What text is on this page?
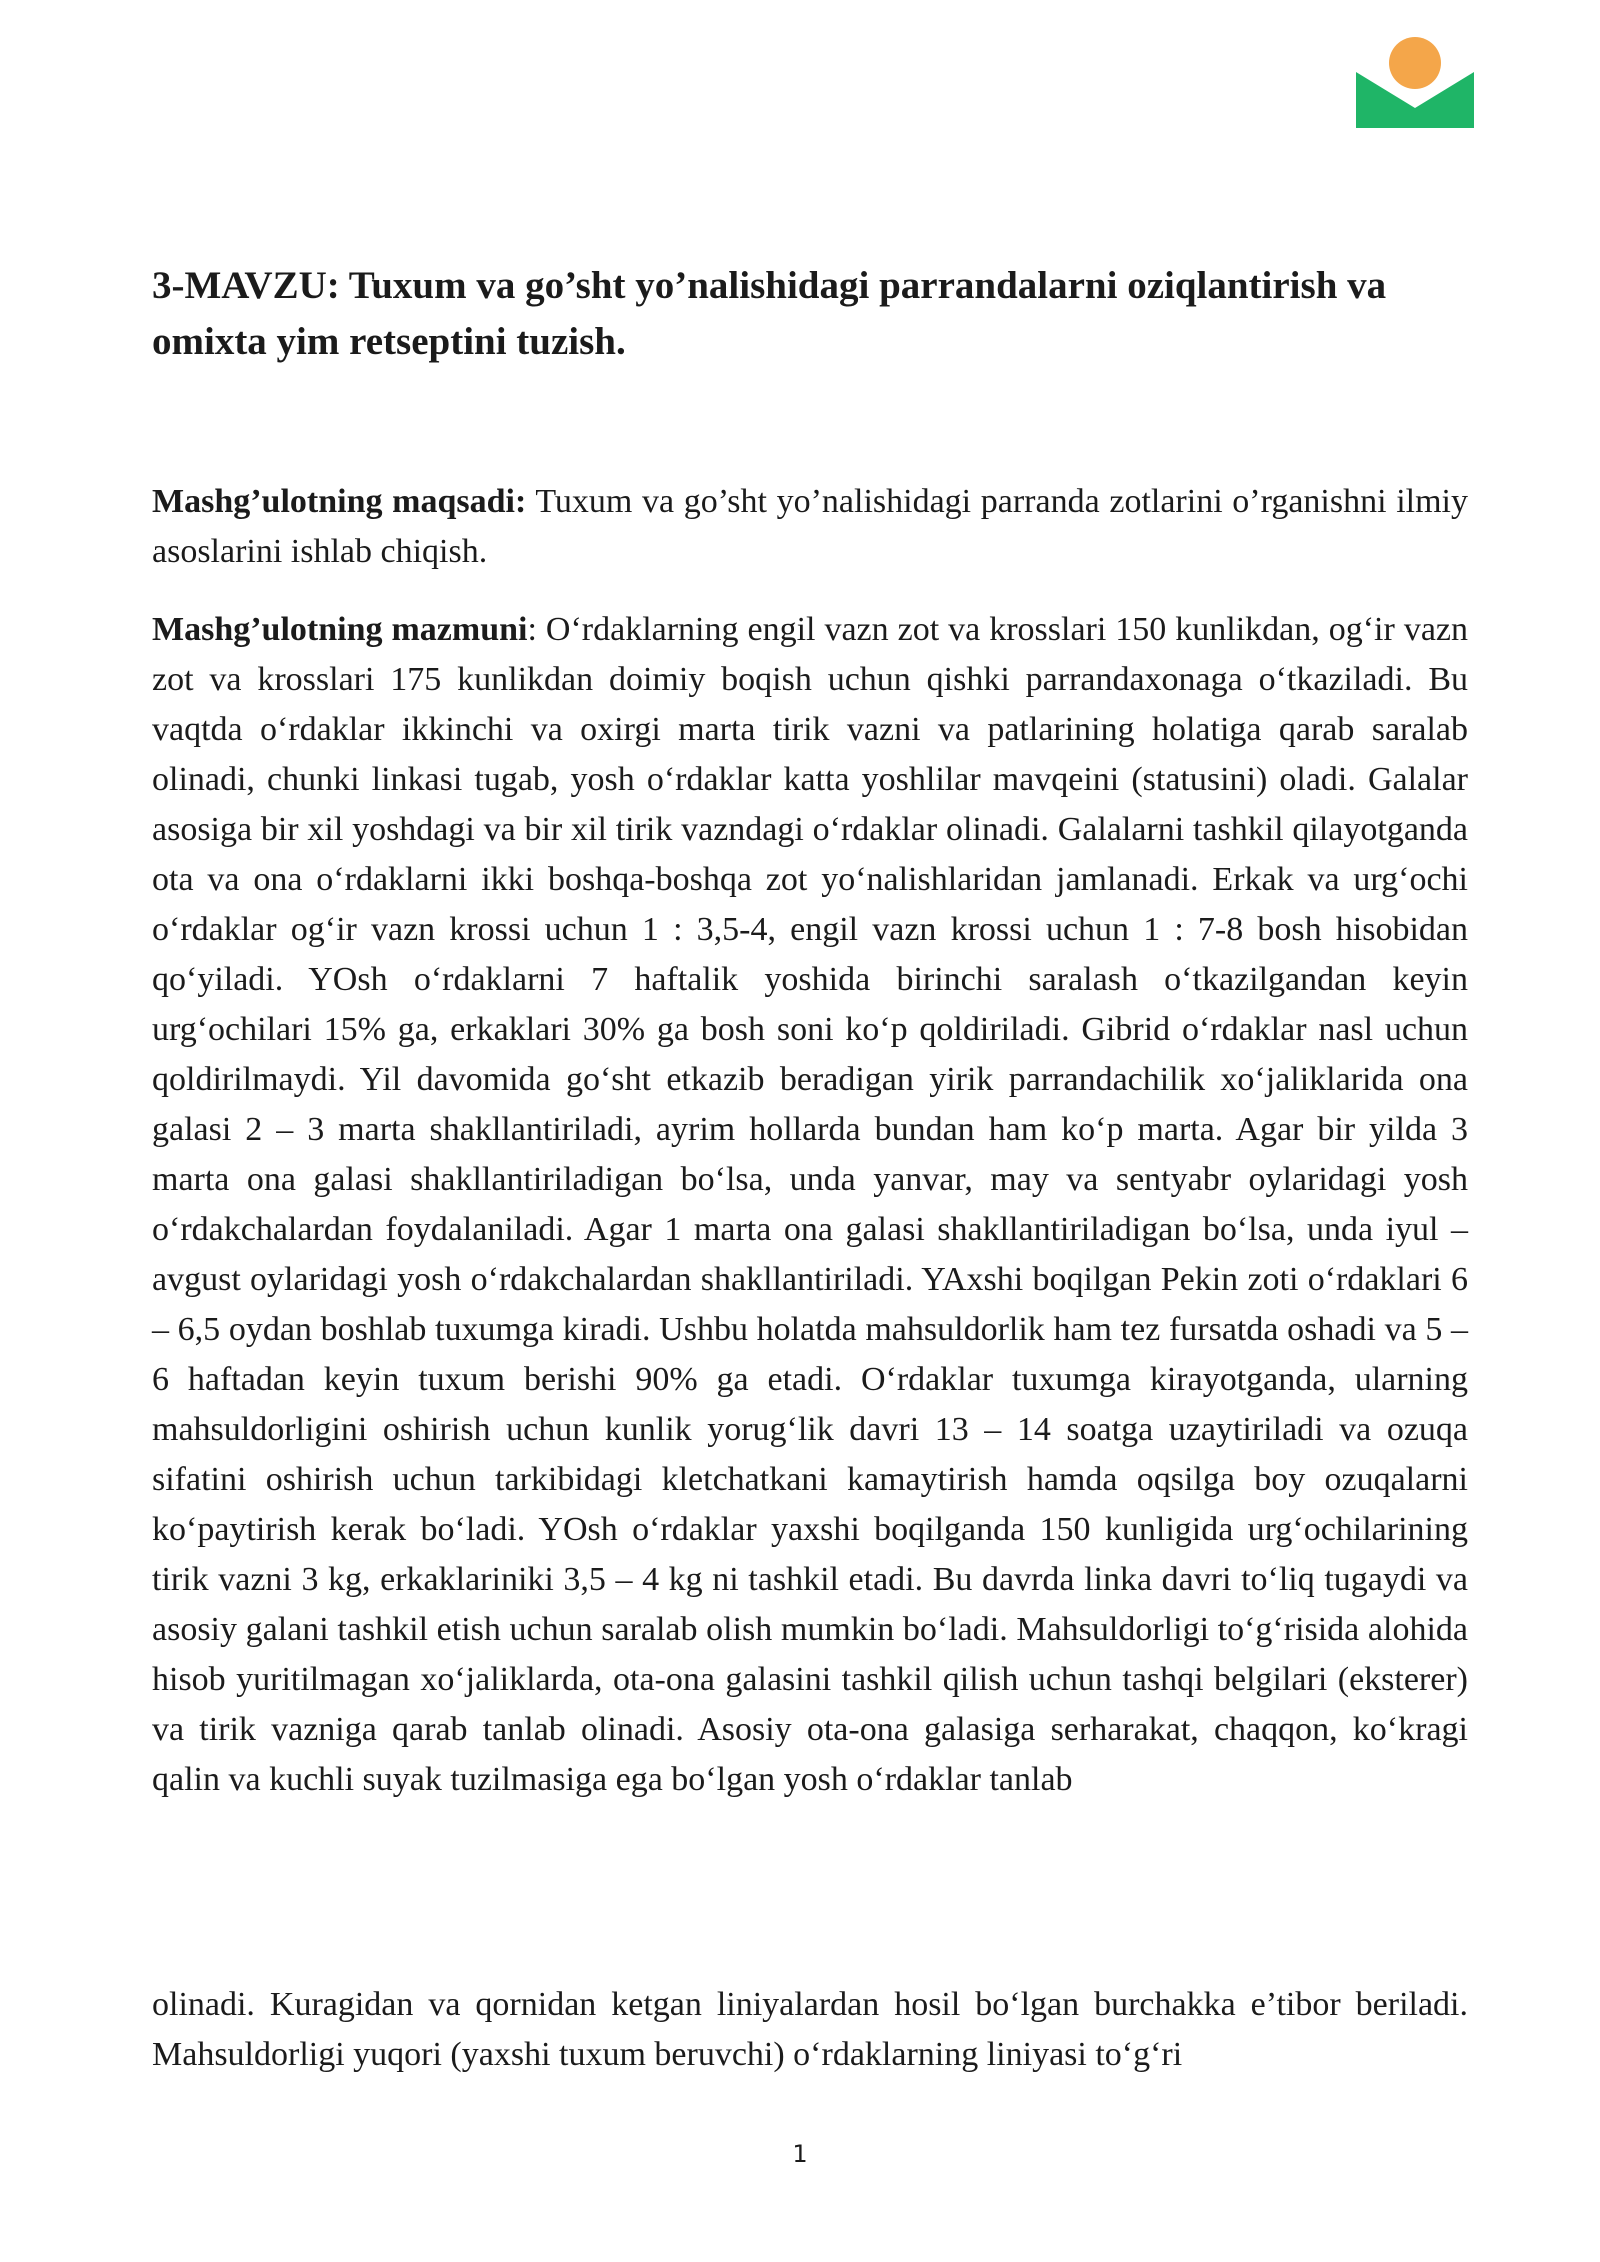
3-MAVZU: Tuxum va go’sht yo’nalishidagi parrandalarni oziqlantirish va omixta yim retseptini tuzish.

Mashg’ulotning maqsadi: Tuxum va go’sht yo’nalishidagi parranda zotlarini o’rganishni ilmiy asoslarini ishlab chiqish.

Mashg’ulotning mazmuni: O‘rdaklarning engil vazn zot va krosslari 150 kunlikdan, og‘ir vazn zot va krosslari 175 kunlikdan doimiy boqish uchun qishki parrandaxonaga o‘tkaziladi. Bu vaqtda o‘rdaklar ikkinchi va oxirgi marta tirik vazni va patlarining holatiga qarab saralab olinadi, chunki linkasi tugab, yosh o‘rdaklar katta yoshlilar mavqeini (statusini) oladi. Galalar asosiga bir xil yoshdagi va bir xil tirik vazndagi o‘rdaklar olinadi. Galalarni tashkil qilayotganda ota va ona o‘rdaklarni ikki boshqa-boshqa zot yo‘nalishlaridan jamlanadi. Erkak va urg‘ochi o‘rdaklar og‘ir vazn krossi uchun 1 : 3,5-4, engil vazn krossi uchun 1 : 7-8 bosh hisobidan qo‘yiladi. YOsh o‘rdaklarni 7 haftalik yoshida birinchi saralash o‘tkazilgandan keyin urg‘ochilari 15% ga, erkaklari 30% ga bosh soni ko‘p qoldiriladi. Gibrid o‘rdaklar nasl uchun qoldirilmaydi. Yil davomida go‘sht etkazib beradigan yirik parrandachilik xo‘jaliklarida ona galasi 2 – 3 marta shakllantiriladi, ayrim hollarda bundan ham ko‘p marta. Agar bir yilda 3 marta ona galasi shakllantiriladigan bo‘lsa, unda yanvar, may va sentyabr oylaridagi yosh o‘rdakchalardan foydalaniladi. Agar 1 marta ona galasi shakllantiriladigan bo‘lsa, unda iyul – avgust oylaridagi yosh o‘rdakchalardan shakllantiriladi. YAxshi boqilgan Pekin zoti o‘rdaklari 6 – 6,5 oydan boshlab tuxumga kiradi. Ushbu holatda mahsuldorlik ham tez fursatda oshadi va 5 – 6 haftadan keyin tuxum berishi 90% ga etadi. O‘rdaklar tuxumga kirayotganda, ularning mahsuldorligini oshirish uchun kunlik yorug‘lik davri 13 – 14 soatga uzaytiriladi va ozuqa sifatini oshirish uchun tarkibidagi kletchatkani kamaytirish hamda oqsilga boy ozuqalarni ko‘paytirish kerak bo‘ladi. YOsh o‘rdaklar yaxshi boqilganda 150 kunligida urg‘ochilarining tirik vazni 3 kg, erkaklariniki 3,5 – 4 kg ni tashkil etadi. Bu davrda linka davri to‘liq tugaydi va asosiy galani tashkil etish uchun saralab olish mumkin bo‘ladi. Mahsuldorligi to‘g‘risida alohida hisob yuritilmagan xo‘jaliklarda, ota-ona galasini tashkil qilish uchun tashqi belgilari (eksterer) va tirik vazniga qarab tanlab olinadi. Asosiy ota-ona galasiga serharakat, chaqqon, ko‘kragi qalin va kuchli suyak tuzilmasiga ega bo‘lgan yosh o‘rdaklar tanlab

olinadi. Kuragidan va qornidan ketgan liniyalardan hosil bo‘lgan burchakka e’tibor beriladi. Mahsuldorligi yuqori (yaxshi tuxum beruvchi) o‘rdaklarning liniyasi to‘g‘ri

1
